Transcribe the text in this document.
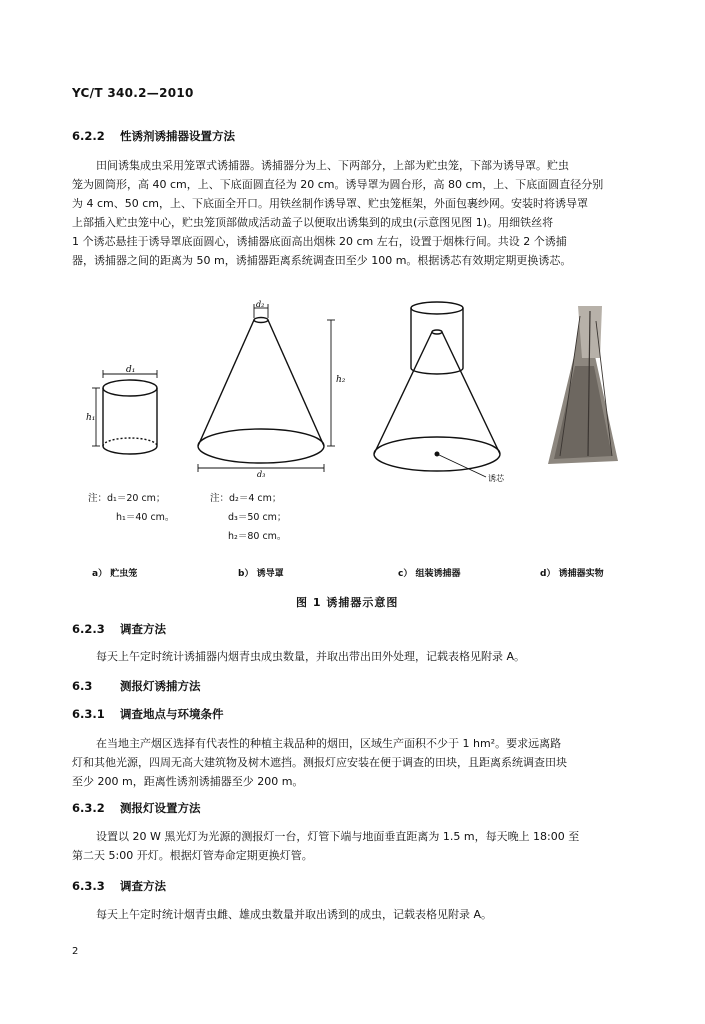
YC/T 340.2—2010
6.2.2 性诱剂诱捕器设置方法
田间诱集成虫采用笼罩式诱捕器。诱捕器分为上、下两部分，上部为贮虫笼，下部为诱导罩。贮虫
笼为圆筒形，高 40 cm，上、下底面圆直径为 20 cm。诱导罩为圆台形，高 80 cm，上、下底面圆直径分别
为 4 cm、50 cm，上、下底面全开口。用铁丝制作诱导罩、贮虫笼框架，外面包裹纱网。安装时将诱导罩
上部插入贮虫笼中心，贮虫笼顶部做成活动盖子以便取出诱集到的成虫(示意图见图 1)。用细铁丝将
1 个诱芯悬挂于诱导罩底面圆心，诱捕器底面高出烟株 20 cm 左右，设置于烟株行间。共设 2 个诱捕
器，诱捕器之间的距离为 50 m，诱捕器距离系统调查田至少 100 m。根据诱芯有效期定期更换诱芯。
d₁
h₁
d₂
h₂
d₃	诱芯
注：d₁＝20 cm；
h₁＝40 cm。
注：d₂＝4 cm；
d₃＝50 cm；
h₂＝80 cm。
a） 贮虫笼	b） 诱导罩	c） 组装诱捕器	d） 诱捕器实物
图 1 诱捕器示意图
6.2.3 调查方法
每天上午定时统计诱捕器内烟青虫成虫数量，并取出带出田外处理，记载表格见附录 A。
6.3 测报灯诱捕方法
6.3.1 调查地点与环境条件
在当地主产烟区选择有代表性的种植主栽品种的烟田，区域生产面积不少于 1 hm²。要求远离路
灯和其他光源，四周无高大建筑物及树木遮挡。测报灯应安装在便于调查的田块，且距离系统调查田块
至少 200 m，距离性诱剂诱捕器至少 200 m。
6.3.2 测报灯设置方法
设置以 20 W 黑光灯为光源的测报灯一台，灯管下端与地面垂直距离为 1.5 m，每天晚上 18:00 至
第二天 5:00 开灯。根据灯管寿命定期更换灯管。
6.3.3 调查方法
每天上午定时统计烟青虫雌、雄成虫数量并取出诱到的成虫，记载表格见附录 A。
2
